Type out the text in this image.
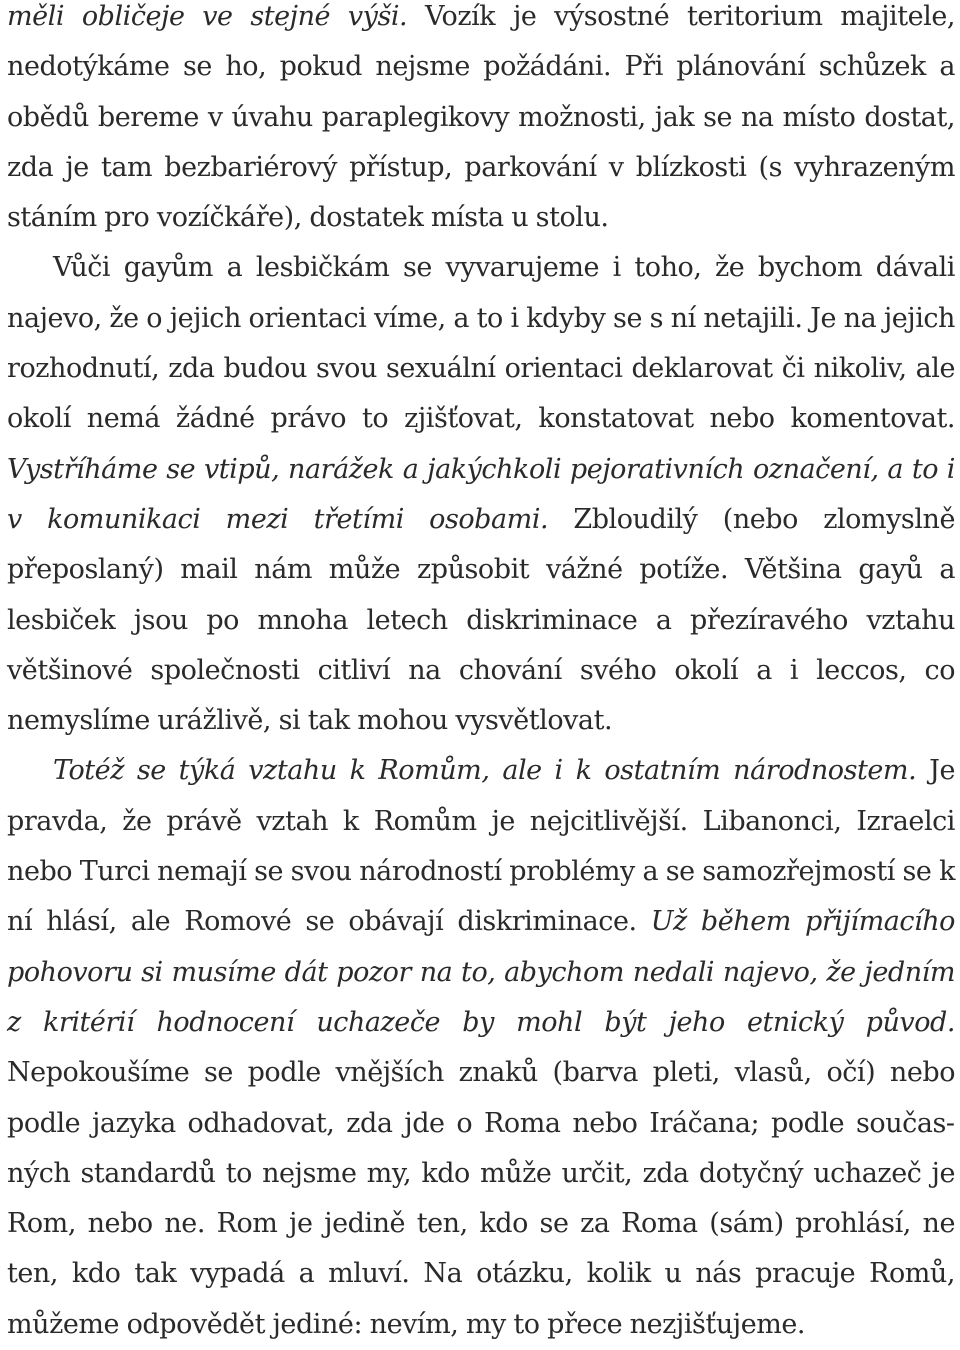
měli obličeje ve stejné výši. Vozík je výsostné teritorium majitele, nedotýkáme se ho, pokud nejsme požádáni. Při plánování schůzek a obědů bereme v úvahu paraplegikovy možnosti, jak se na místo dostat, zda je tam bezbariérový přístup, parkování v blízkosti (s vyhrazeným stáním pro vozíčkáře), dostatek místa u stolu.

Vůči gayům a lesbičkám se vyvarujeme i toho, že bychom dávali najevo, že o jejich orientaci víme, a to i kdyby se s ní netajili. Je na jejich rozhodnutí, zda budou svou sexuální orientaci deklarovat či nikoliv, ale okolí nemá žádné právo to zjišťovat, konstatovat nebo komentovat. Vystříháme se vtipů, narážek a jakýchkoli pejorativních označení, a to i v komunikaci mezi třetími osobami. Zbloudilý (nebo zlomyslně přeposlaný) mail nám může způsobit vážné potíže. Většina gayů a lesbiček jsou po mnoha letech diskriminace a přezíravého vztahu většinové společnosti citliví na chování svého okolí a i leccos, co nemyslíme urážlivě, si tak mohou vysvětlovat.

Totéž se týká vztahu k Romům, ale i k ostatním národnostem. Je pravda, že právě vztah k Romům je nejcitlivější. Libanonci, Izraelci nebo Turci nemají se svou národností problémy a se samozřejmostí se k ní hlásí, ale Romové se obávají diskriminace. Už během přijímacího pohovoru si musíme dát pozor na to, abychom nedali najevo, že jedním z kritérií hodnocení uchazeče by mohl být jeho etnický původ. Nepokoušíme se podle vnějších znaků (barva pleti, vlasů, očí) nebo podle jazyka odhadovat, zda jde o Roma nebo Iráčana; podle současných standardů to nejsme my, kdo může určit, zda dotyčný uchazeč je Rom, nebo ne. Rom je jedině ten, kdo se za Roma (sám) prohlásí, ne ten, kdo tak vypadá a mluví. Na otázku, kolik u nás pracuje Romů, můžeme odpovědět jediné: nevím, my to přece nezjišťujeme.
